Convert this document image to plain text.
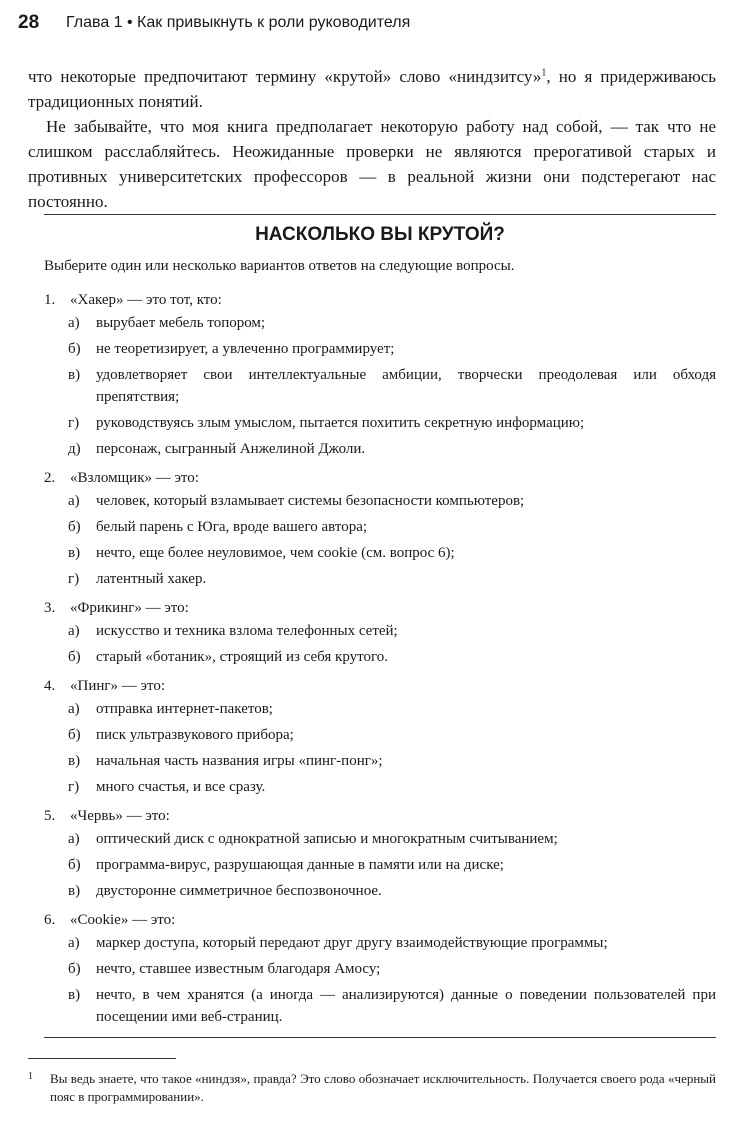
28 Глава 1 • Как привыкнуть к роли руководителя

что некоторые предпочитают термину «крутой» слово «ниндзитсу»$^1$, но я придерживаюсь традиционных понятий.

Не забывайте, что моя книга предполагает некоторую работу над собой, — так что не слишком расслабляйтесь. Неожиданные проверки не являются прерогативой старых и противных университетских профессоров — в реальной жизни они подстерегают нас постоянно.

НАСКОЛЬКО ВЫ КРУТОЙ?
Выберите один или несколько вариантов ответов на следующие вопросы.
1. «Хакер» — это тот, кто:
а)	вырубает мебель топором;
б)	не теоретизирует, а увлеченно программирует;
в)	удовлетворяет свои интеллектуальные амбиции, творчески преодолевая или обходя препятствия;
г)	руководствуясь злым умыслом, пытается похитить секретную информацию;
д)	персонаж, сыгранный Анжелиной Джоли.
2. «Взломщик» — это:
а)	человек, который взламывает системы безопасности компьютеров;
б)	белый парень с Юга, вроде вашего автора;
в)	нечто, еще более неуловимое, чем cookie (см. вопрос 6);
г)	латентный хакер.
3. «Фрикинг» — это:
а)	искусство и техника взлома телефонных сетей;
б)	старый «ботаник», строящий из себя крутого.
4. «Пинг» — это:
а)	отправка интернет-пакетов;
б)	писк ультразвукового прибора;
в)	начальная часть названия игры «пинг-понг»;
г)	много счастья, и все сразу.
5. «Червь» — это:
а)	оптический диск с однократной записью и многократным считыванием;
б)	программа-вирус, разрушающая данные в памяти или на диске;
в)	двусторонне симметричное беспозвоночное.
6. «Cookie» — это:
а)	маркер доступа, который передают друг другу взаимодействующие программы;
б)	нечто, ставшее известным благодаря Амосу;
в)	нечто, в чем хранятся (а иногда — анализируются) данные о поведении пользователей при посещении ими веб-страниц.
1	Вы ведь знаете, что такое «ниндзя», правда? Это слово обозначает исключительность. Получается своего рода «черный пояс в программировании».
